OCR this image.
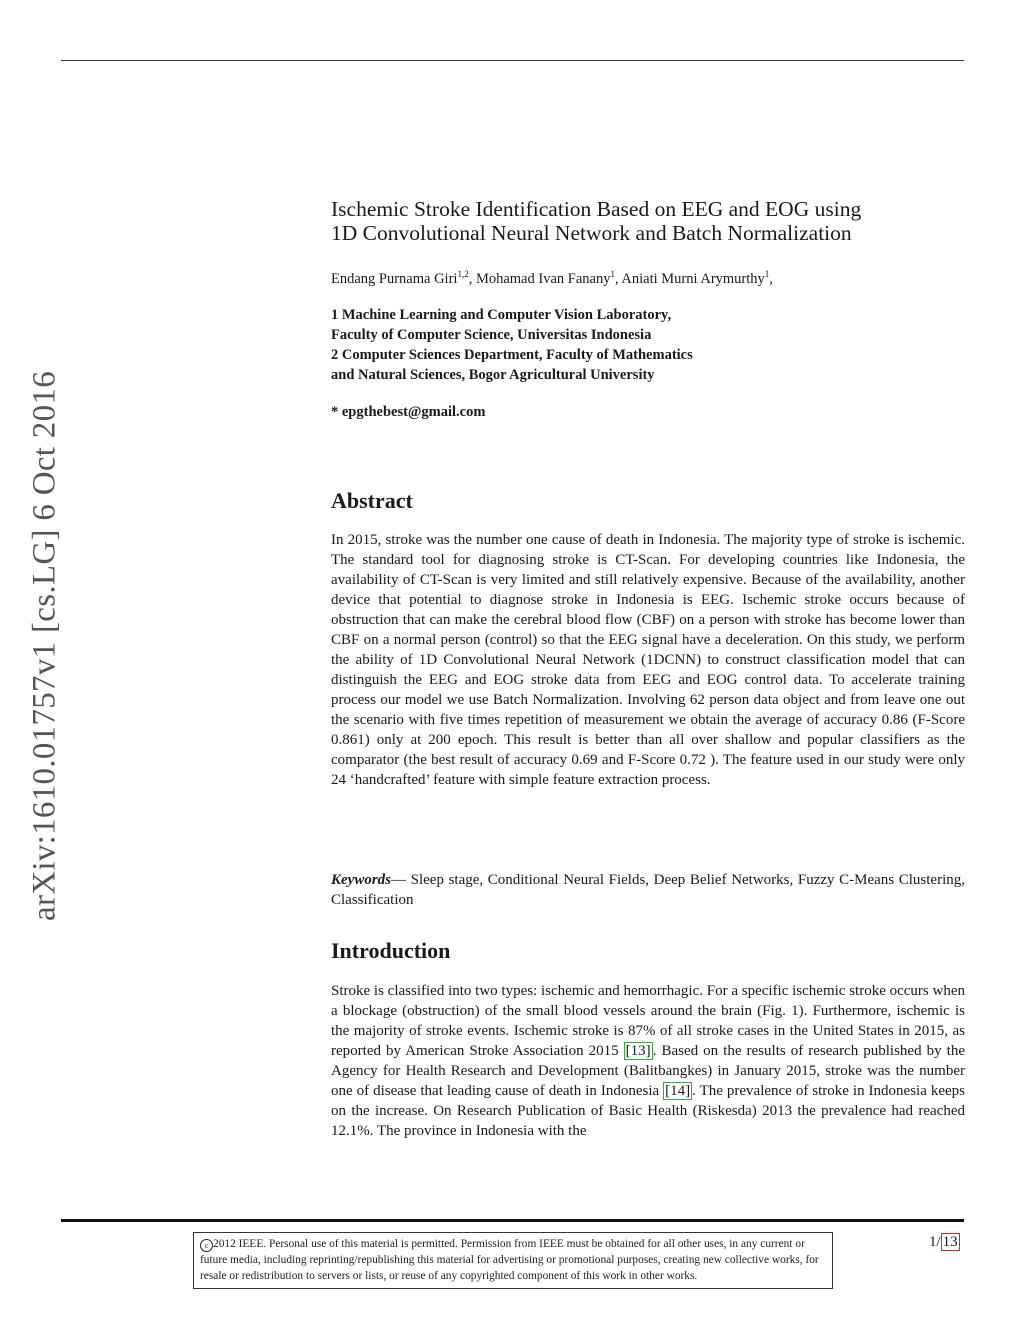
arXiv:1610.01757v1 [cs.LG] 6 Oct 2016
Ischemic Stroke Identification Based on EEG and EOG using
1D Convolutional Neural Network and Batch Normalization
Endang Purnama Giri$^{1,2}$, Mohamad Ivan Fanany$^1$, Aniati Murni Arymurthy$^1$,
1 Machine Learning and Computer Vision Laboratory,
Faculty of Computer Science, Universitas Indonesia
2 Computer Sciences Department, Faculty of Mathematics
and Natural Sciences, Bogor Agricultural University
* epgthebest@gmail.com
Abstract
In 2015, stroke was the number one cause of death in Indonesia. The majority type of stroke is ischemic. The standard tool for diagnosing stroke is CT-Scan. For developing countries like Indonesia, the availability of CT-Scan is very limited and still relatively expensive. Because of the availability, another device that potential to diagnose stroke in Indonesia is EEG. Ischemic stroke occurs because of obstruction that can make the cerebral blood flow (CBF) on a person with stroke has become lower than CBF on a normal person (control) so that the EEG signal have a deceleration. On this study, we perform the ability of 1D Convolutional Neural Network (1DCNN) to construct classification model that can distinguish the EEG and EOG stroke data from EEG and EOG control data. To accelerate training process our model we use Batch Normalization. Involving 62 person data object and from leave one out the scenario with five times repetition of measurement we obtain the average of accuracy 0.86 (F-Score 0.861) only at 200 epoch. This result is better than all over shallow and popular classifiers as the comparator (the best result of accuracy 0.69 and F-Score 0.72 ). The feature used in our study were only 24 ‘handcrafted’ feature with simple feature extraction process.
Keywords— Sleep stage, Conditional Neural Fields, Deep Belief Networks, Fuzzy C-Means Clustering, Classification
Introduction
Stroke is classified into two types: ischemic and hemorrhagic. For a specific ischemic stroke occurs when a blockage (obstruction) of the small blood vessels around the brain (Fig. 1). Furthermore, ischemic is the majority of stroke events. Ischemic stroke is 87% of all stroke cases in the United States in 2015, as reported by American Stroke Association 2015 [13] . Based on the results of research published by the Agency for Health Research and Development (Balitbangkes) in January 2015, stroke was the number one of disease that leading cause of death in Indonesia [14] . The prevalence of stroke in Indonesia keeps on the increase. On Research Publication of Basic Health (Riskesda) 2013 the prevalence had reached 12.1%. The province in Indonesia with the
c 2012 IEEE. Personal use of this material is permitted. Permission from IEEE must be obtained for all other uses, in any current or future media, including reprinting/republishing this material for advertising or promotional purposes, creating new collective works, for resale or redistribution to servers or lists, or reuse of any copyrighted component of this work in other works.
1/ 13
